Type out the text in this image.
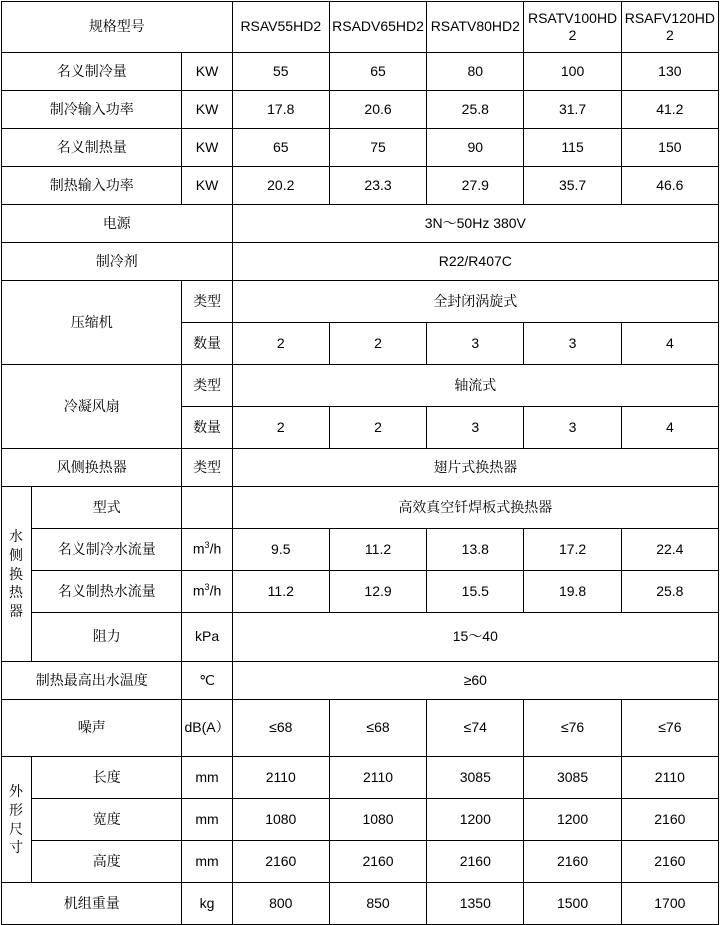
规格型号			RSAV55HD2	RSADV65HD2	RSATV80HD2	RSATV100HD2	RSAFV120HD2
名义制冷量		KW	55	65	80	100	130
制冷输入功率		KW	17.8	20.6	25.8	31.7	41.2
名义制热量		KW	65	75	90	115	150
制热输入功率		KW	20.2	23.3	27.9	35.7	46.6
电源			3N～50Hz 380V				
制冷剂			R22/R407C				
压缩机		类型	全封闭涡旋式				
		数量	2	2	3	3	4
冷凝风扇		类型	轴流式				
		数量	2	2	3	3	4
风侧换热器		类型	翅片式换热器				

水
侧
换
热
器	型式		高效真空钎焊板式换热器				
	名义制冷水流量	$m^3/h$	9.5	11.2	13.8	17.2	22.4
	名义制热水流量	$m^3/h$	11.2	12.9	15.5	19.8	25.8
	阻力	kPa	15～40				
制热最高出水温度		℃	≥60				
噪声		dB(A）	≤68	≤68	≤74	≤76	≤76

外
形
尺
寸	长度	mm	2110	2110	3085	3085	2110
	宽度	mm	1080	1080	1200	1200	2160
	高度	mm	2160	2160	2160	2160	2160
机组重量		kg	800	850	1350	1500	1700
